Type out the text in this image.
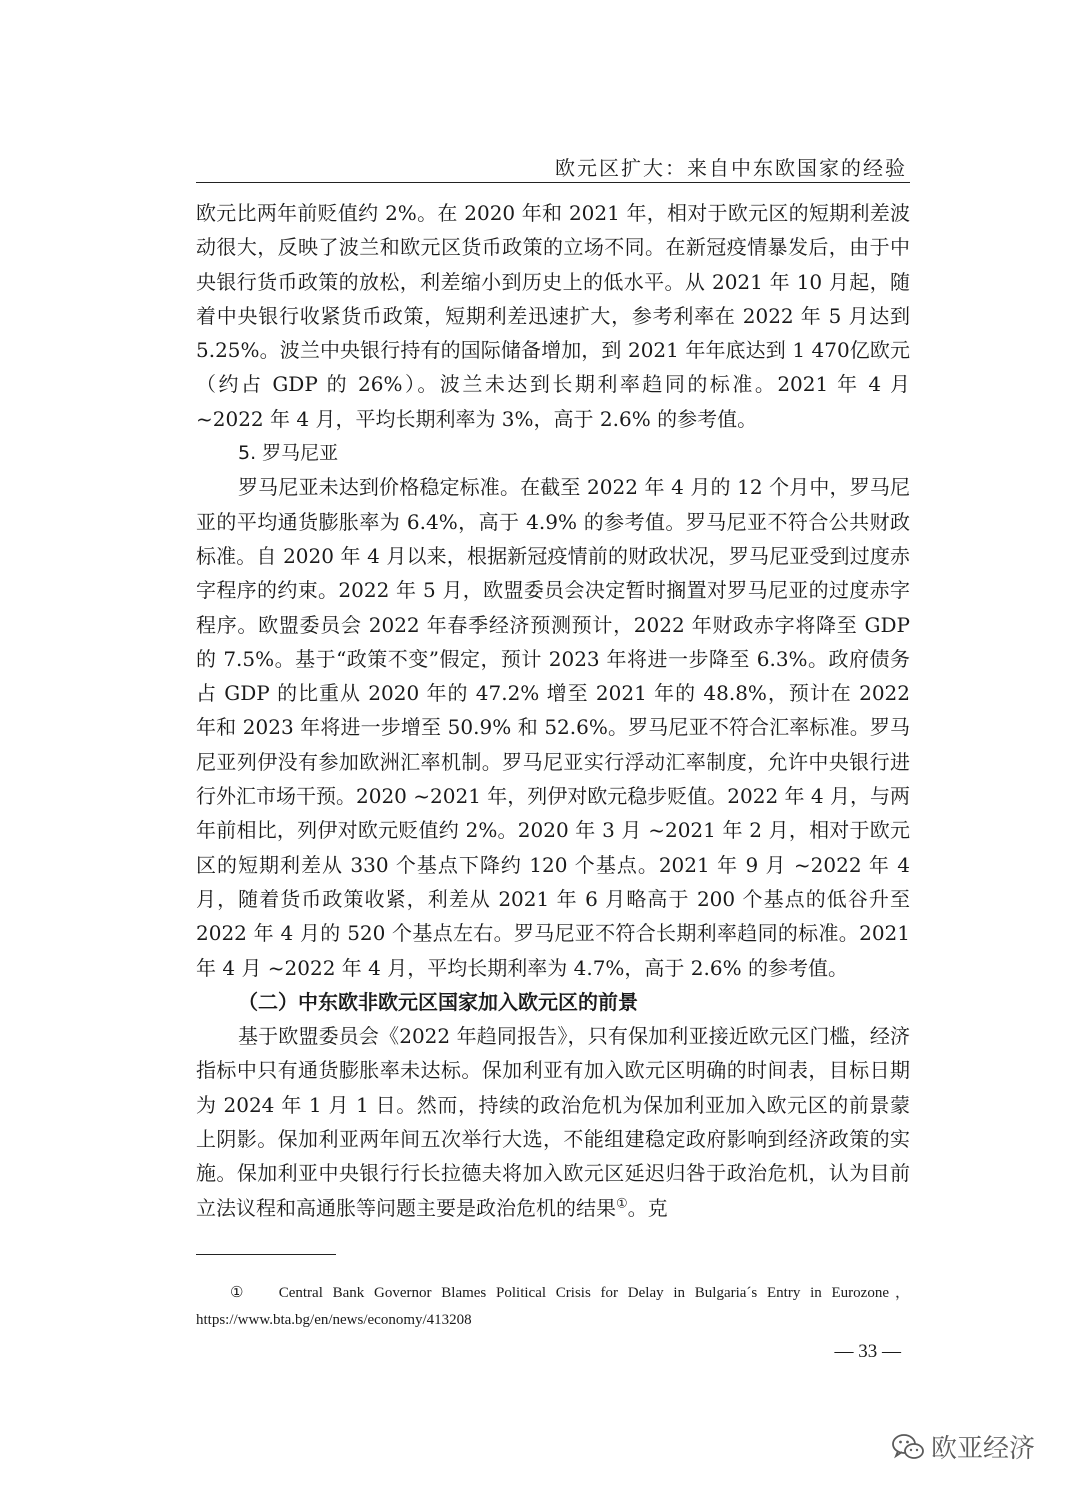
欧元区扩大：来自中东欧国家的经验

欧元比两年前贬值约 2%。在 2020 年和 2021 年，相对于欧元区的短期利差波动很大，反映了波兰和欧元区货币政策的立场不同。在新冠疫情暴发后，由于中央银行货币政策的放松，利差缩小到历史上的低水平。从 2021 年 10 月起，随着中央银行收紧货币政策，短期利差迅速扩大，参考利率在 2022 年 5 月达到 5.25%。波兰中央银行持有的国际储备增加，到 2021 年年底达到 1 470亿欧元（约占 GDP 的 26%）。波兰未达到长期利率趋同的标准。2021 年 4 月 ~2022 年 4 月，平均长期利率为 3%，高于 2.6% 的参考值。

5. 罗马尼亚

罗马尼亚未达到价格稳定标准。在截至 2022 年 4 月的 12 个月中，罗马尼亚的平均通货膨胀率为 6.4%，高于 4.9% 的参考值。罗马尼亚不符合公共财政标准。自 2020 年 4 月以来，根据新冠疫情前的财政状况，罗马尼亚受到过度赤字程序的约束。2022 年 5 月，欧盟委员会决定暂时搁置对罗马尼亚的过度赤字程序。欧盟委员会 2022 年春季经济预测预计，2022 年财政赤字将降至 GDP 的 7.5%。基于“政策不变”假定，预计 2023 年将进一步降至 6.3%。政府债务占 GDP 的比重从 2020 年的 47.2% 增至 2021 年的 48.8%，预计在 2022 年和 2023 年将进一步增至 50.9% 和 52.6%。罗马尼亚不符合汇率标准。罗马尼亚列伊没有参加欧洲汇率机制。罗马尼亚实行浮动汇率制度，允许中央银行进行外汇市场干预。2020 ~2021 年，列伊对欧元稳步贬值。2022 年 4 月，与两年前相比，列伊对欧元贬值约 2%。2020 年 3 月 ~2021 年 2 月，相对于欧元区的短期利差从 330 个基点下降约 120 个基点。2021 年 9 月 ~2022 年 4 月，随着货币政策收紧，利差从 2021 年 6 月略高于 200 个基点的低谷升至 2022 年 4 月的 520 个基点左右。罗马尼亚不符合长期利率趋同的标准。2021 年 4 月 ~2022 年 4 月，平均长期利率为 4.7%，高于 2.6% 的参考值。

（二）中东欧非欧元区国家加入欧元区的前景

基于欧盟委员会《2022 年趋同报告》，只有保加利亚接近欧元区门槛，经济指标中只有通货膨胀率未达标。保加利亚有加入欧元区明确的时间表，目标日期为 2024 年 1 月 1 日。然而，持续的政治危机为保加利亚加入欧元区的前景蒙上阴影。保加利亚两年间五次举行大选，不能组建稳定政府影响到经济政策的实施。保加利亚中央银行行长拉德夫将加入欧元区延迟归咎于政治危机，认为目前立法议程和高通胀等问题主要是政治危机的结果①。克

① Central Bank Governor Blames Political Crisis for Delay in Bulgaria´s Entry in Eurozone，https://www.bta.bg/en/news/economy/413208
— 33 —
欧亚经济
